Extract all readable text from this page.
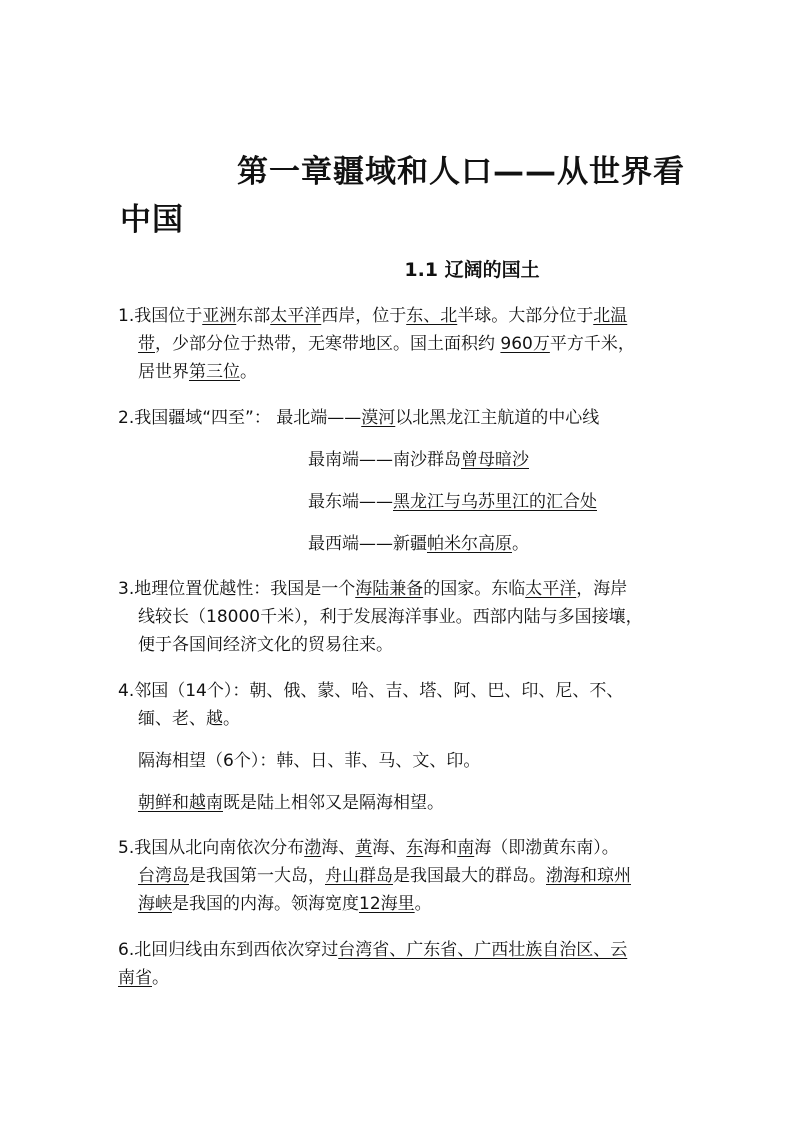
第一章疆域和人口——从世界看
中国
1.1 辽阔的国土
1.我国位于亚洲东部太平洋西岸，位于东、北半球。大部分位于北温
带，少部分位于热带，无寒带地区。国土面积约 960万平方千米，
居世界第三位。
2.我国疆域“四至”： 最北端——漠河以北黑龙江主航道的中心线
最南端——南沙群岛曾母暗沙
最东端——黑龙江与乌苏里江的汇合处
最西端——新疆帕米尔高原。
3.地理位置优越性：我国是一个海陆兼备的国家。东临太平洋，海岸
线较长（18000千米），利于发展海洋事业。西部内陆与多国接壤，
便于各国间经济文化的贸易往来。
4.邻国（14个）：朝、俄、蒙、哈、吉、塔、阿、巴、印、尼、不、
缅、老、越。
隔海相望（6个）：韩、日、菲、马、文、印。
朝鲜和越南既是陆上相邻又是隔海相望。
5.我国从北向南依次分布渤海、黄海、东海和南海（即渤黄东南）。
台湾岛是我国第一大岛，舟山群岛是我国最大的群岛。渤海和琼州
海峡是我国的内海。领海宽度12海里。
6.北回归线由东到西依次穿过台湾省、广东省、广西壮族自治区、云
南省。
